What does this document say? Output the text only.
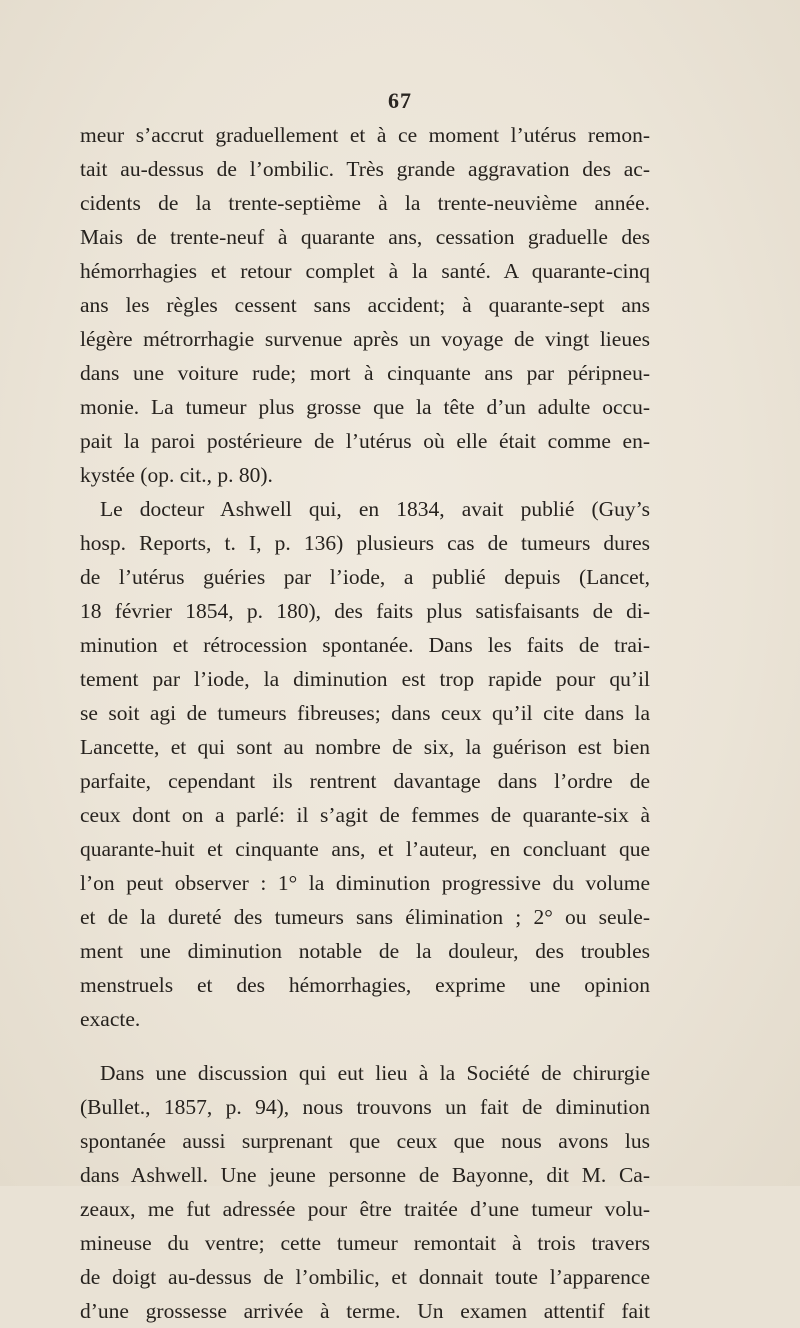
67
meur s’accrut graduellement et à ce moment l’utérus remon-
tait au-dessus de l’ombilic. Très grande aggravation des ac-
cidents de la trente-septième à la trente-neuvième année.
Mais de trente-neuf à quarante ans, cessation graduelle des
hémorrhagies et retour complet à la santé. A quarante-cinq
ans les règles cessent sans accident; à quarante-sept ans
légère métrorrhagie survenue après un voyage de vingt lieues
dans une voiture rude; mort à cinquante ans par péripneu-
monie. La tumeur plus grosse que la tête d’un adulte occu-
pait la paroi postérieure de l’utérus où elle était comme en-
kystée (op. cit., p. 80).
Le docteur Ashwell qui, en 1834, avait publié (Guy’s
hosp. Reports, t. I, p. 136) plusieurs cas de tumeurs dures
de l’utérus guéries par l’iode, a publié depuis (Lancet,
18 février 1854, p. 180), des faits plus satisfaisants de di-
minution et rétrocession spontanée. Dans les faits de trai-
tement par l’iode, la diminution est trop rapide pour qu’il
se soit agi de tumeurs fibreuses; dans ceux qu’il cite dans la
Lancette, et qui sont au nombre de six, la guérison est bien
parfaite, cependant ils rentrent davantage dans l’ordre de
ceux dont on a parlé: il s’agit de femmes de quarante-six à
quarante-huit et cinquante ans, et l’auteur, en concluant que
l’on peut observer : 1° la diminution progressive du volume
et de la dureté des tumeurs sans élimination ; 2° ou seule-
ment une diminution notable de la douleur, des troubles
menstruels et des hémorrhagies, exprime une opinion
exacte.
Dans une discussion qui eut lieu à la Société de chirurgie
(Bullet., 1857, p. 94), nous trouvons un fait de diminution
spontanée aussi surprenant que ceux que nous avons lus
dans Ashwell. Une jeune personne de Bayonne, dit M. Ca-
zeaux, me fut adressée pour être traitée d’une tumeur volu-
mineuse du ventre; cette tumeur remontait à trois travers
de doigt au-dessus de l’ombilic, et donnait toute l’apparence
d’une grossesse arrivée à terme. Un examen attentif fait
